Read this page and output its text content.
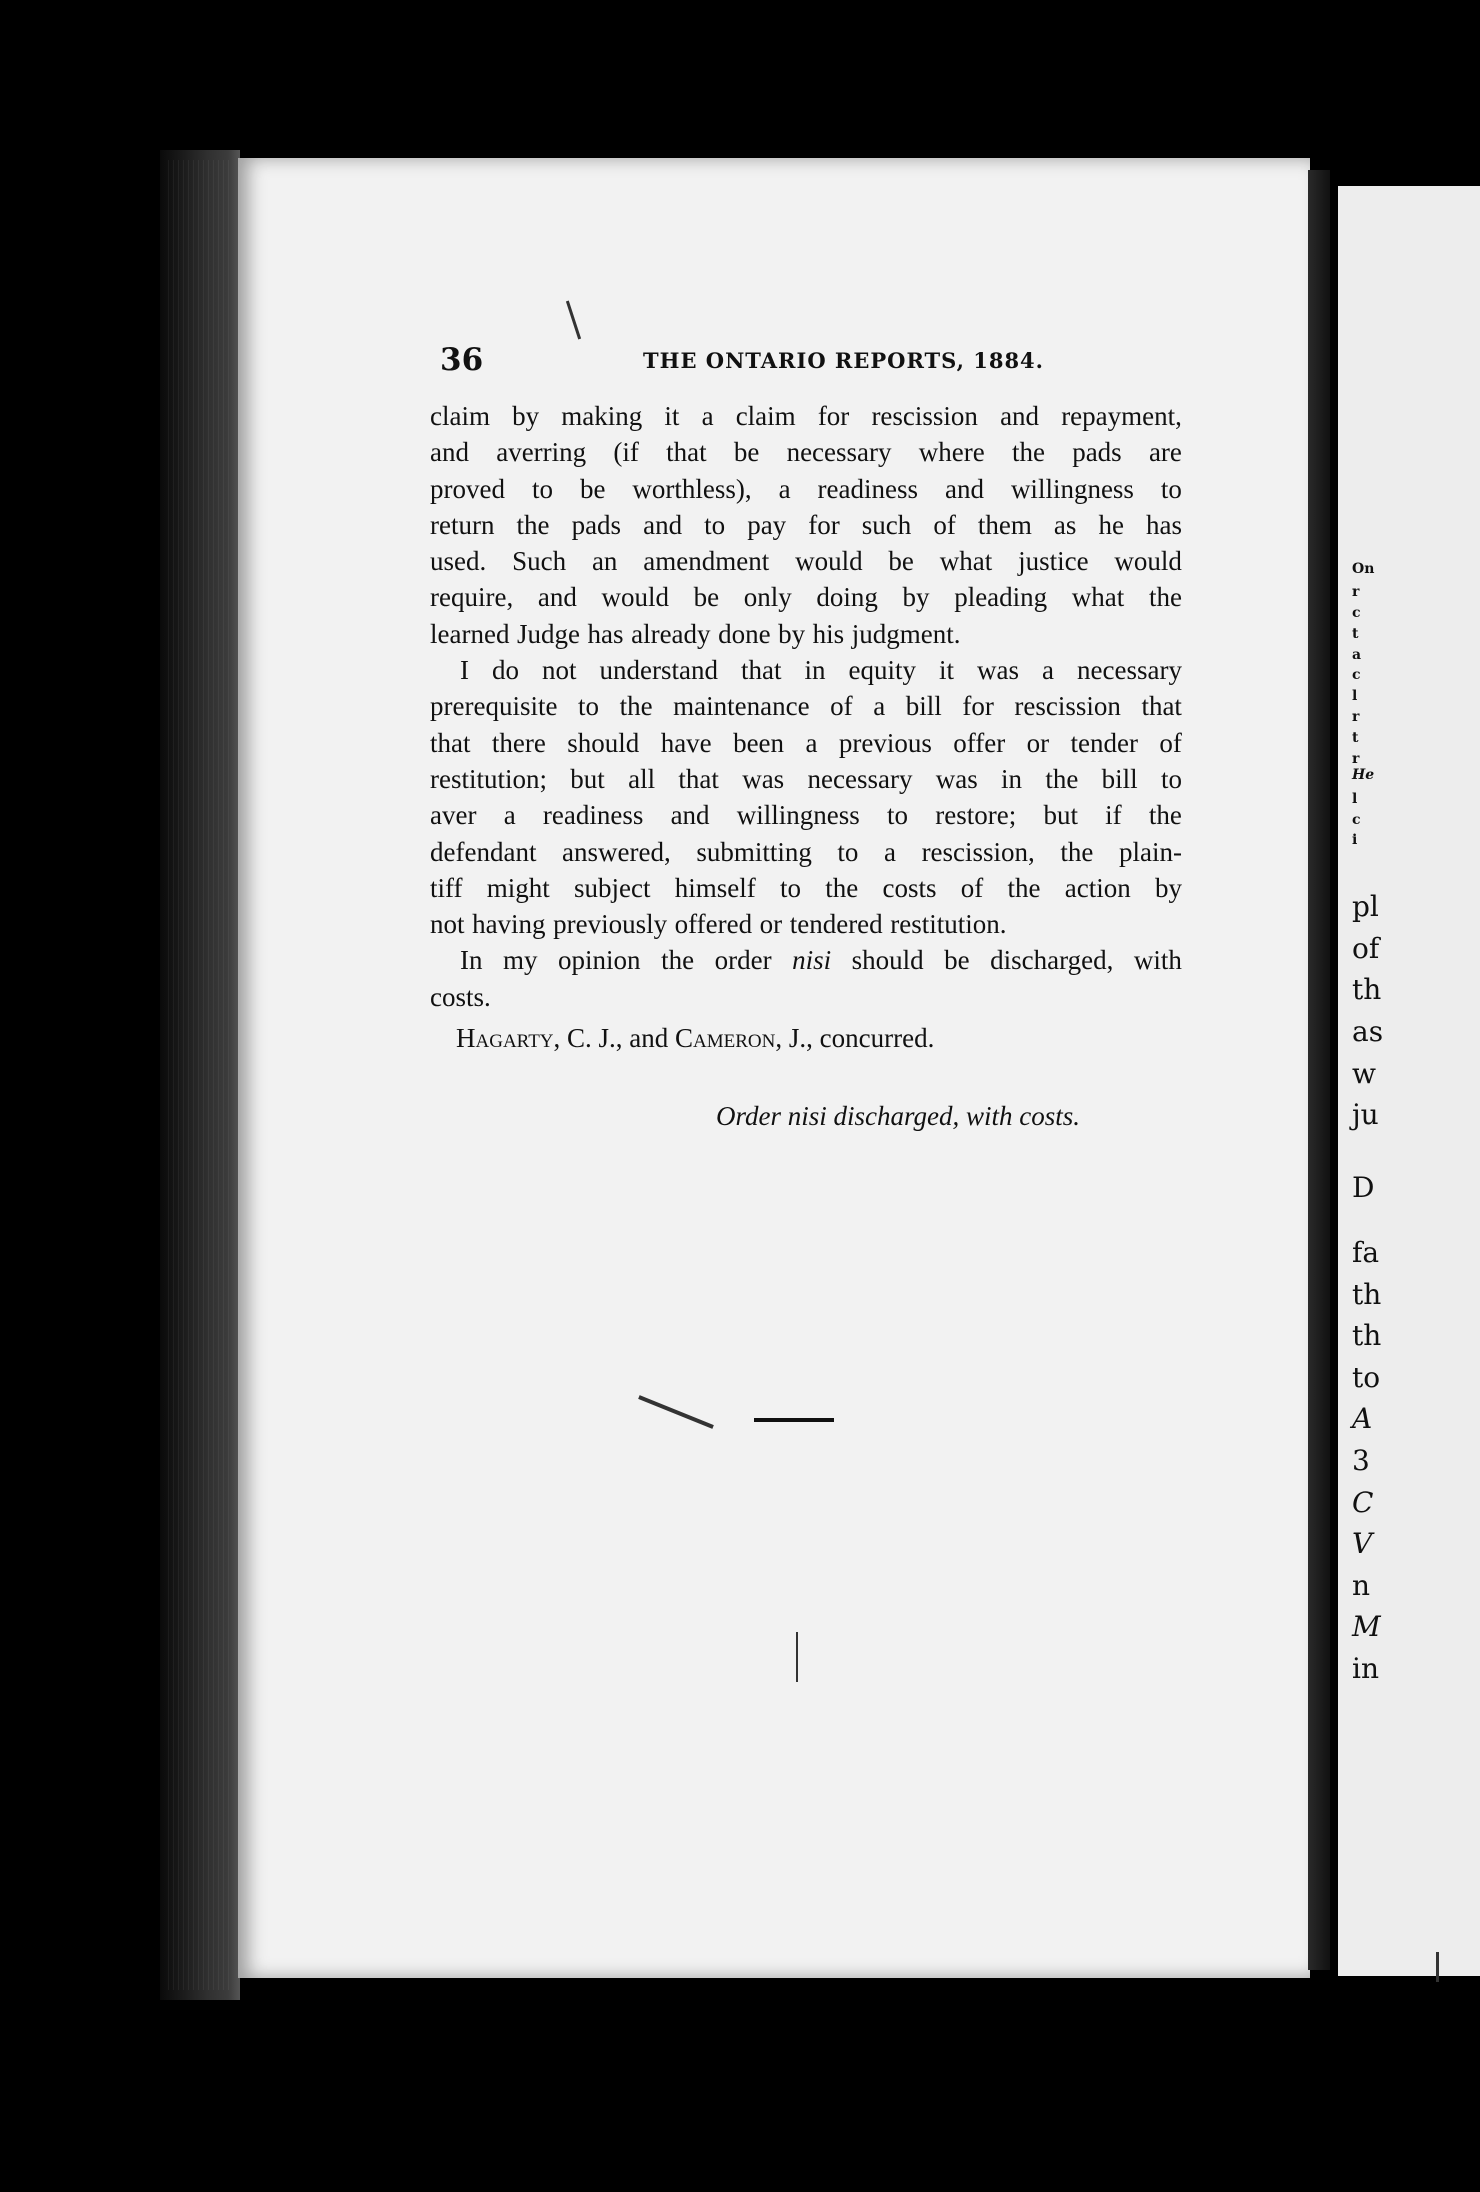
On
r
c
t
a
c
l
r
t
r
He
l
c
i
pl
of
th
as
w
ju
D
fa
th
th
to
A
3
C
V
n
M
in
36	THE ONTARIO REPORTS, 1884.
claim by making it a claim for rescission and repayment,
and averring (if that be necessary where the pads are
proved to be worthless), a readiness and willingness to
return the pads and to pay for such of them as he has
used. Such an amendment would be what justice would
require, and would be only doing by pleading what the
learned Judge has already done by his judgment.
I do not understand that in equity it was a necessary
prerequisite to the maintenance of a bill for rescission that
that there should have been a previous offer or tender of
restitution; but all that was necessary was in the bill to
aver a readiness and willingness to restore; but if the
defendant answered, submitting to a rescission, the plain-
tiff might subject himself to the costs of the action by
not having previously offered or tendered restitution.
In my opinion the order nisi should be discharged, with
costs.
Hagarty, C. J., and Cameron, J., concurred.
Order nisi discharged, with costs.
